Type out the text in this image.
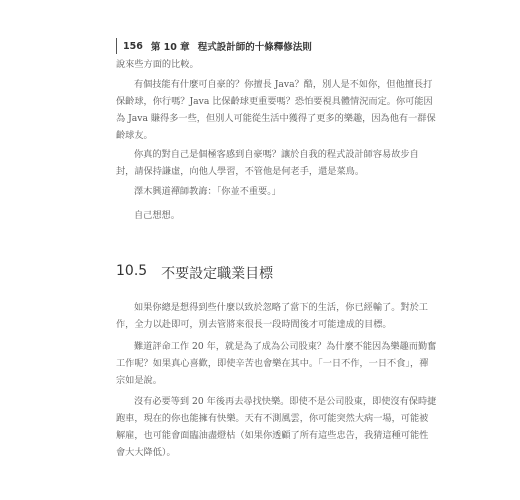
156 第 10 章 程式設計師的十條釋修法則

說來些方面的比較。

有個技能有什麼可自豪的？你擅長 Java？酷，別人是不如你，但他擅長打
保齡球，你行嗎？Java 比保齡球更重要嗎？恐怕要視具體情況而定。你可能因
為 Java 賺得多一些，但別人可能從生活中獲得了更多的樂趣，因為他有一群保
齡球友。

你真的對自己是個極客感到自豪嗎？讓於自我的程式設計師容易故步自
封，請保持謙虛，向他人學習，不管他是何老手，還是菜鳥。

澤木興道禪師教誨：「你並不重要。」

自己想想。

10.5 不要設定職業目標

如果你總是想得到些什麼以致於忽略了當下的生活，你已經輸了。對於工
作，全力以赴即可，別去管將來很長一段時間後才可能達成的目標。

難道評命工作 20 年，就是為了成為公司股東？為什麼不能因為樂趣而勤奮
工作呢？如果真心喜歡，即使辛苦也會樂在其中。「一日不作，一日不食」，禪
宗如是說。

沒有必要等到 20 年後再去尋找快樂。即使不是公司股東，即使沒有保時捷
跑車，現在的你也能擁有快樂。天有不測風雲，你可能突然大病一場，可能被
解雇，也可能會面臨油盡燈枯（如果你透顧了所有這些忠告，我猜這種可能性
會大大降低）。
